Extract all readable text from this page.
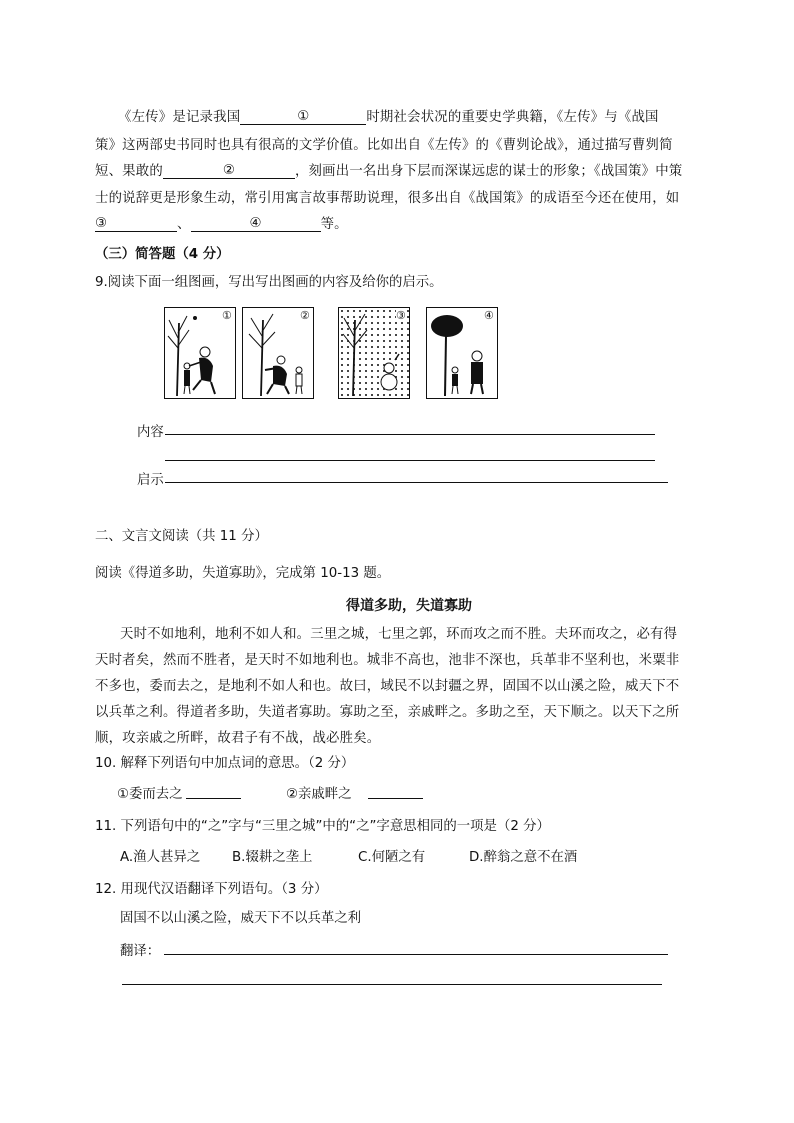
《左传》是记录我国	①	时期社会状况的重要史学典籍，《左传》与《战国
策》这两部史书同时也具有很高的文学价值。比如出自《左传》的《曹刿论战》，通过描写曹刿简
短、果敢的	②	，刻画出一名出身下层而深谋远虑的谋士的形象；《战国策》中策
士的说辞更是形象生动，常引用寓言故事帮助说理，很多出自《战国策》的成语至今还在使用，如
③	、	④	等。
（三）简答题（4 分）
9.阅读下面一组图画，写出写出图画的内容及给你的启示。
①	②	③	④
内容
启示
二、文言文阅读（共 11 分）
阅读《得道多助，失道寡助》，完成第 10-13 题。
得道多助，失道寡助
天时不如地利，地利不如人和。三里之城，七里之郭，环而攻之而不胜。夫环而攻之，必有得
天时者矣，然而不胜者，是天时不如地利也。城非不高也，池非不深也，兵革非不坚利也，米粟非
不多也，委而去之，是地利不如人和也。故曰，域民不以封疆之界，固国不以山溪之险，威天下不
以兵革之利。得道者多助，失道者寡助。寡助之至，亲戚畔之。多助之至，天下顺之。以天下之所
顺，攻亲戚之所畔，故君子有不战，战必胜矣。
10. 解释下列语句中加点词的意思。（2 分）
①委而去之	②亲戚畔之
11. 下列语句中的“之”字与“三里之城”中的“之”字意思相同的一项是（2 分）
A.渔人甚异之 B.辍耕之垄上	C.何陋之有	D.醉翁之意不在酒
12. 用现代汉语翻译下列语句。（3 分）
固国不以山溪之险，威天下不以兵革之利
翻译：
